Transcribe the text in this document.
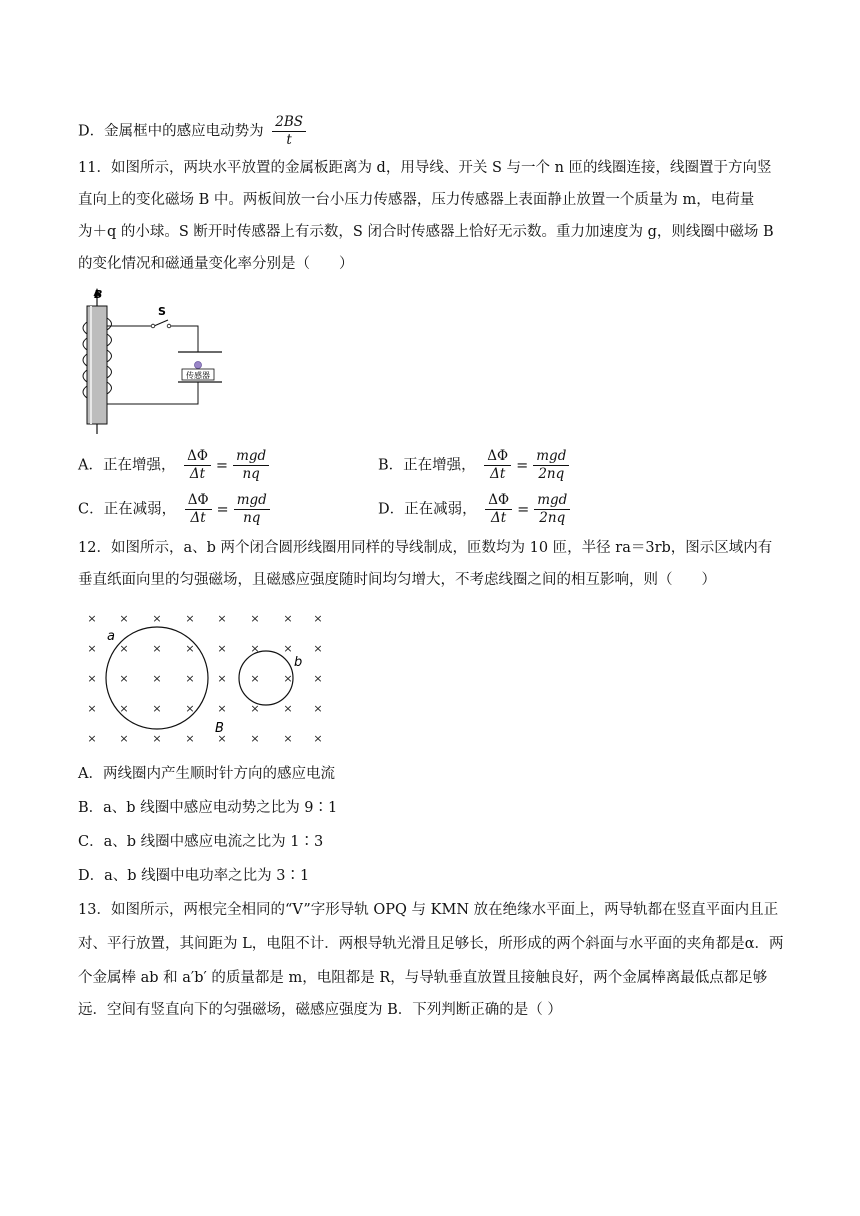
D．金属框中的感应电动势为 $\frac{2BS}{t}$
11．如图所示，两块水平放置的金属板距离为 d，用导线、开关 S 与一个 n 匝的线圈连接，线圈置于方向竖
直向上的变化磁场 B 中。两板间放一台小压力传感器，压力传感器上表面静止放置一个质量为 m，电荷量
为＋q 的小球。S 断开时传感器上有示数，S 闭合时传感器上恰好无示数。重力加速度为 g，则线圈中磁场 B
的变化情况和磁通量变化率分别是（　　）
B
S
传感器
A．正在增强， $\frac{\Delta\Phi}{\Delta t} = \frac{\text{mgd}}{nq}$	B．正在增强， $\frac{\Delta\Phi}{\Delta t} = \frac{\text{mgd}}{2nq}$
C．正在减弱， $\frac{\Delta\Phi}{\Delta t} = \frac{\text{mgd}}{nq}$	D．正在减弱， $\frac{\Delta\Phi}{\Delta t} = \frac{\text{mgd}}{2nq}$
12．如图所示，a、b 两个闭合圆形线圈用同样的导线制成，匝数均为 10 匝，半径 ra＝3rb，图示区域内有
垂直纸面向里的匀强磁场，且磁感应强度随时间均匀增大，不考虑线圈之间的相互影响，则（　　）
× × × × × × × ×
× × × × × × × ×
× × × × × × × ×
× × × × × × × ×
× × × × × × × ×
a
b
B
A．两线圈内产生顺时针方向的感应电流
B．a、b 线圈中感应电动势之比为 9∶1
C．a、b 线圈中感应电流之比为 1∶3
D．a、b 线圈中电功率之比为 3∶1
13．如图所示，两根完全相同的“V”字形导轨 OPQ 与 KMN 放在绝缘水平面上，两导轨都在竖直平面内且正
对、平行放置，其间距为 L，电阻不计．两根导轨光滑且足够长，所形成的两个斜面与水平面的夹角都是α．两
个金属棒 ab 和 a′b′ 的质量都是 m，电阻都是 R，与导轨垂直放置且接触良好，两个金属棒离最低点都足够
远．空间有竖直向下的匀强磁场，磁感应强度为 B．下列判断正确的是（ ）
